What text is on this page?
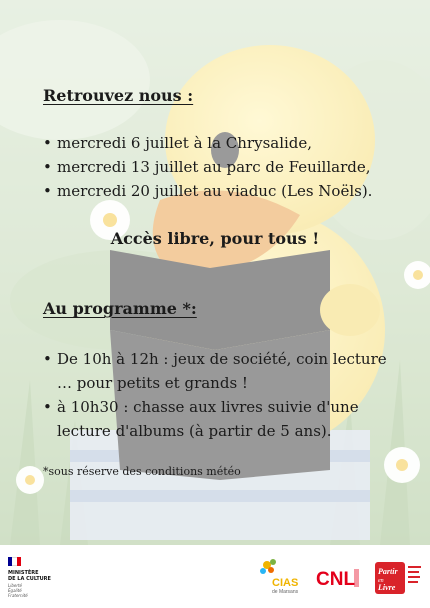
Retrouvez nous :
• mercredi 6 juillet à la Chrysalide,
• mercredi 13 juillet au parc de Feuillarde,
• mercredi 20 juillet au viaduc (Les Noëls).
Accès libre, pour tous !
Au programme *:
• De 10h à 12h : jeux de société, coin lecture
… pour petits et grands !
• à 10h30 : chasse aux livres suivie d'une
lecture d'albums (à partir de 5 ans).
*sous réserve des conditions météo
MINISTÈRE
DE LA CULTURE
Liberté
Égalité
Fraternité
CIAS
de Marsans
CNL	Partir
en
Livre
